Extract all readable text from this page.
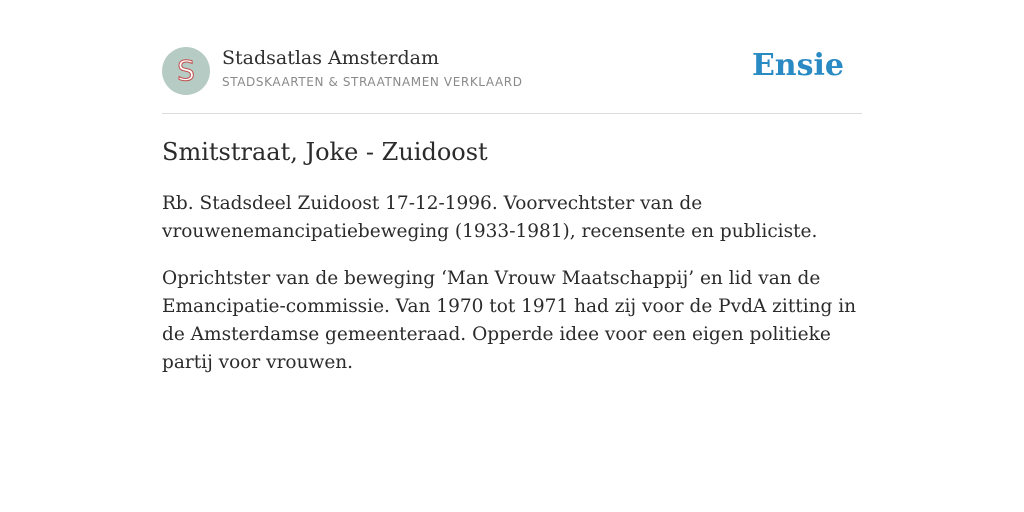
S	Stadsatlas Amsterdam
STADSKAARTEN & STRAATNAMEN VERKLAARD	Ensie
Smitstraat, Joke - Zuidoost

Rb. Stadsdeel Zuidoost 17-12-1996. Voorvechtster van de vrouwenemancipatiebeweging (1933-1981), recensente en publiciste.

Oprichtster van de beweging ‘Man Vrouw Maatschappij’ en lid van de Emancipatie-commissie. Van 1970 tot 1971 had zij voor de PvdA zitting in de Amsterdamse gemeenteraad. Opperde idee voor een eigen politieke partij voor vrouwen.
